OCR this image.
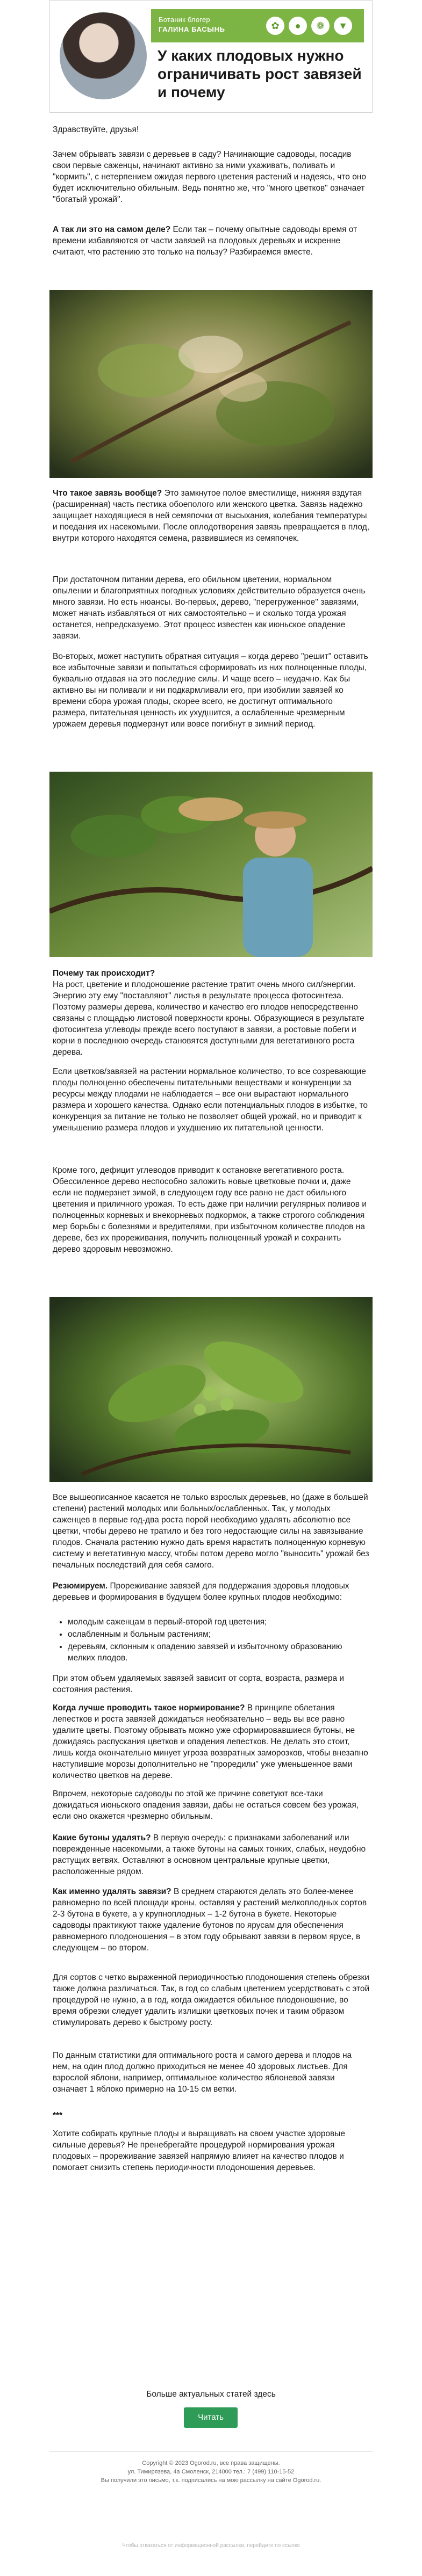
Ботаник блогер
ГАЛИНА БАСЫНЬ	✿	●	❁	▼
У каких плодовых нужно ограничивать рост завязей и почему
Здравствуйте, друзья!
Зачем обрывать завязи с деревьев в саду? Начинающие садоводы, посадив свои первые саженцы, начинают активно за ними ухаживать, поливать и "кормить", с нетерпением ожидая первого цветения растений и надеясь, что оно будет исключительно обильным. Ведь понятно же, что "много цветков" означает "богатый урожай".
А так ли это на самом деле? Если так – почему опытные садоводы время от времени избавляются от части завязей на плодовых деревьях и искренне считают, что растению это только на пользу? Разбираемся вместе.
Что такое завязь вообще? Это замкнутое полое вместилище, нижняя вздутая (расширенная) часть пестика обоеполого или женского цветка. Завязь надежно защищает находящиеся в ней семяпочки от высыхания, колебания температуры и поедания их насекомыми. После оплодотворения завязь превращается в плод, внутри которого находятся семена, развившиеся из семяпочек.
При достаточном питании дерева, его обильном цветении, нормальном опылении и благоприятных погодных условиях действительно образуется очень много завязи. Но есть нюансы. Во-первых, дерево, "перегруженное" завязями, может начать избавляться от них самостоятельно – и сколько тогда урожая останется, непредсказуемо. Этот процесс известен как июньское опадение завязи.
Во-вторых, может наступить обратная ситуация – когда дерево "решит" оставить все избыточные завязи и попытаться сформировать из них полноценные плоды, буквально отдавая на это последние силы. И чаще всего – неудачно. Как бы активно вы ни поливали и ни подкармливали его, при изобилии завязей ко времени сбора урожая плоды, скорее всего, не достигнут оптимального размера, питательная ценность их ухудшится, а ослабленные чрезмерным урожаем деревья подмерзнут или вовсе погибнут в зимний период.
Почему так происходит?
На рост, цветение и плодоношение растение тратит очень много сил/энергии. Энергию эту ему "поставляют" листья в результате процесса фотосинтеза. Поэтому размеры дерева, количество и качество его плодов непосредственно связаны с площадью листовой поверхности кроны. Образующиеся в результате фотосинтеза углеводы прежде всего поступают в завязи, а ростовые побеги и корни в последнюю очередь становятся доступными для вегетативного роста дерева.
Если цветков/завязей на растении нормальное количество, то все созревающие плоды полноценно обеспечены питательными веществами и конкуренции за ресурсы между плодами не наблюдается – все они вырастают нормального размера и хорошего качества. Однако если потенциальных плодов в избытке, то конкуренция за питание не только не позволяет общей урожай, но и приводит к уменьшению размера плодов и ухудшению их питательной ценности.
Кроме того, дефицит углеводов приводит к остановке вегетативного роста. Обессиленное дерево неспособно заложить новые цветковые почки и, даже если не подмерзнет зимой, в следующем году все равно не даст обильного цветения и приличного урожая. То есть даже при наличии регулярных поливов и полноценных корневых и внекорневых подкормок, а также строгого соблюдения мер борьбы с болезнями и вредителями, при избыточном количестве плодов на дереве, без их прореживания, получить полноценный урожай и сохранить дерево здоровым невозможно.
Все вышеописанное касается не только взрослых деревьев, но (даже в большей степени) растений молодых или больных/ослабленных. Так, у молодых саженцев в первые год-два роста порой необходимо удалять абсолютно все цветки, чтобы дерево не тратило и без того недостающие силы на завязывание плодов. Сначала растению нужно дать время нарастить полноценную корневую систему и вегетативную массу, чтобы потом дерево могло "выносить" урожай без печальных последствий для себя самого.
Резюмируем. Прореживание завязей для поддержания здоровья плодовых деревьев и формирования в будущем более крупных плодов необходимо:
• молодым саженцам в первый-второй год цветения;
• ослабленным и больным растениям;
• деревьям, склонным к опадению завязей и избыточному образованию мелких плодов.
При этом объем удаляемых завязей зависит от сорта, возраста, размера и состояния растения.
Когда лучше проводить такое нормирование? В принципе облетания лепестков и роста завязей дожидаться необязательно – ведь вы все равно удалите цветы. Поэтому обрывать можно уже сформировавшиеся бутоны, не дожидаясь распускания цветков и опадения лепестков. Не делать это стоит, лишь когда окончательно минует угроза возвратных заморозков, чтобы внезапно наступившие морозы дополнительно не "проредили" уже уменьшенное вами количество цветков на дереве.
Впрочем, некоторые садоводы по этой же причине советуют все-таки дожидаться июньского опадения завязи, дабы не остаться совсем без урожая, если оно окажется чрезмерно обильным.
Какие бутоны удалять? В первую очередь: с признаками заболеваний или поврежденные насекомыми, а также бутоны на самых тонких, слабых, неудобно растущих ветвях. Оставляют в основном центральные крупные цветки, расположенные рядом.
Как именно удалять завязи? В среднем стараются делать это более-менее равномерно по всей площади кроны, оставляя у растений мелкоплодных сортов 2-3 бутона в букете, а у крупноплодных – 1-2 бутона в букете. Некоторые садоводы практикуют также удаление бутонов по ярусам для обеспечения равномерного плодоношения – в этом году обрывают завязи в первом ярусе, в следующем – во втором.
Для сортов с четко выраженной периодичностью плодоношения степень обрезки также должна различаться. Так, в год со слабым цветением усердствовать с этой процедурой не нужно, а в год, когда ожидается обильное плодоношение, во время обрезки следует удалить излишки цветковых почек и таким образом стимулировать дерево к быстрому росту.
По данным статистики для оптимального роста и самого дерева и плодов на нем, на один плод должно приходиться не менее 40 здоровых листьев. Для взрослой яблони, например, оптимальное количество яблоневой завязи означает 1 яблоко примерно на 10-15 см ветки.
***
Хотите собирать крупные плоды и выращивать на своем участке здоровые сильные деревья? Не пренебрегайте процедурой нормирования урожая плодовых – прореживание завязей напрямую влияет на качество плодов и помогает снизить степень периодичности плодоношения деревьев.
Больше актуальных статей здесь
Читать
Copyright © 2023 Ogorod.ru, все права защищены.
ул. Тимирязева, 4а Смоленск, 214000 тел.: 7 (499) 110-15-52
Вы получили это письмо, т.к. подписались на мою рассылку на сайте Ogorod.ru.
Чтобы отказаться от информационной рассылки, перейдите по ссылке
